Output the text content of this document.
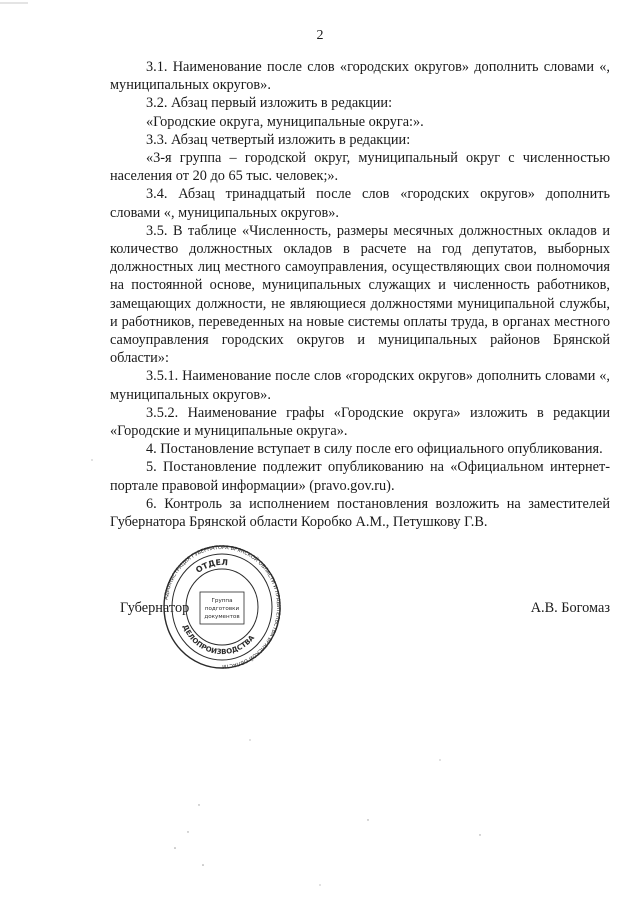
2

3.1. Наименование после слов «городских округов» дополнить словами «, муниципальных округов».

3.2. Абзац первый изложить в редакции:

«Городские округа, муниципальные округа:».

3.3. Абзац четвертый изложить в редакции:

«3-я группа – городской округ, муниципальный округ с численностью населения от 20 до 65 тыс. человек;».

3.4. Абзац тринадцатый после слов «городских округов» дополнить словами «, муниципальных округов».

3.5. В таблице «Численность, размеры месячных должностных окладов и количество должностных окладов в расчете на год депутатов, выборных должностных лиц местного самоуправления, осуществляющих свои полномочия на постоянной основе, муниципальных служащих и численность работников, замещающих должности, не являющиеся должностями муниципальной службы, и работников, переведенных на новые системы оплаты труда, в органах местного самоуправления городских округов и муниципальных районов Брянской области»:

3.5.1. Наименование после слов «городских округов» дополнить словами «, муниципальных округов».

3.5.2. Наименование графы «Городские округа» изложить в редакции «Городские и муниципальные округа».

4. Постановление вступает в силу после его официального опубликования.

5. Постановление подлежит опубликованию на «Официальном интернет-портале правовой информации» (pravo.gov.ru).

6. Контроль за исполнением постановления возложить на заместителей Губернатора Брянской области Коробко А.М., Петушкову Г.В.

Губернатор	А.В. Богомаз
АДМИНИСТРАЦИЯ ГУБЕРНАТОРА БРЯНСКОЙ ОБЛАСТИ И ПРАВИТЕЛЬСТВА БРЯНСКОЙ ОБЛАСТИ
ОТДЕЛ
ДЕЛОПРОИЗВОДСТВА
Группа
подготовки
документов
